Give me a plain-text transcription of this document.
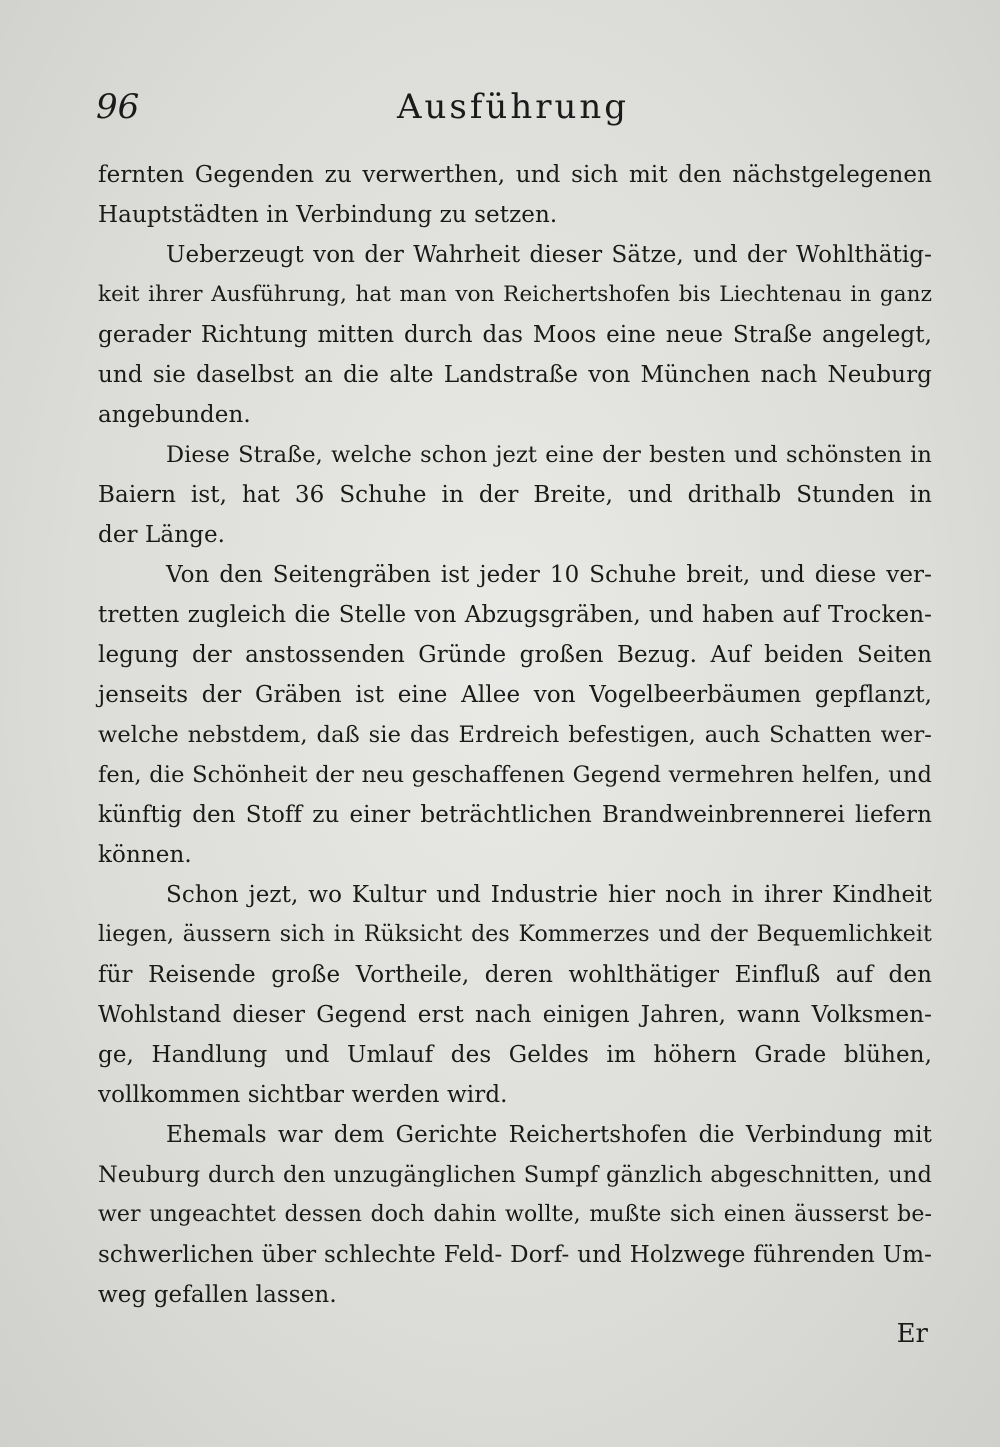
96	Ausführung
fernten Gegenden zu verwerthen, und sich mit den nächstgelegenen
Hauptstädten in Verbindung zu setzen.
Ueberzeugt von der Wahrheit dieser Sätze, und der Wohlthätig-
keit ihrer Ausführung, hat man von Reichertshofen bis Liechtenau in ganz
gerader Richtung mitten durch das Moos eine neue Straße angelegt,
und sie daselbst an die alte Landstraße von München nach Neuburg
angebunden.
Diese Straße, welche schon jezt eine der besten und schönsten in
Baiern ist, hat 36 Schuhe in der Breite, und drithalb Stunden in
der Länge.
Von den Seitengräben ist jeder 10 Schuhe breit, und diese ver-
tretten zugleich die Stelle von Abzugsgräben, und haben auf Trocken-
legung der anstossenden Gründe großen Bezug. Auf beiden Seiten
jenseits der Gräben ist eine Allee von Vogelbeerbäumen gepflanzt,
welche nebstdem, daß sie das Erdreich befestigen, auch Schatten wer-
fen, die Schönheit der neu geschaffenen Gegend vermehren helfen, und
künftig den Stoff zu einer beträchtlichen Brandweinbrennerei liefern
können.
Schon jezt, wo Kultur und Industrie hier noch in ihrer Kindheit
liegen, äussern sich in Rüksicht des Kommerzes und der Bequemlichkeit
für Reisende große Vortheile, deren wohlthätiger Einfluß auf den
Wohlstand dieser Gegend erst nach einigen Jahren, wann Volksmen-
ge, Handlung und Umlauf des Geldes im höhern Grade blühen,
vollkommen sichtbar werden wird.
Ehemals war dem Gerichte Reichertshofen die Verbindung mit
Neuburg durch den unzugänglichen Sumpf gänzlich abgeschnitten, und
wer ungeachtet dessen doch dahin wollte, mußte sich einen äusserst be-
schwerlichen über schlechte Feld- Dorf- und Holzwege führenden Um-
weg gefallen lassen.
Er
